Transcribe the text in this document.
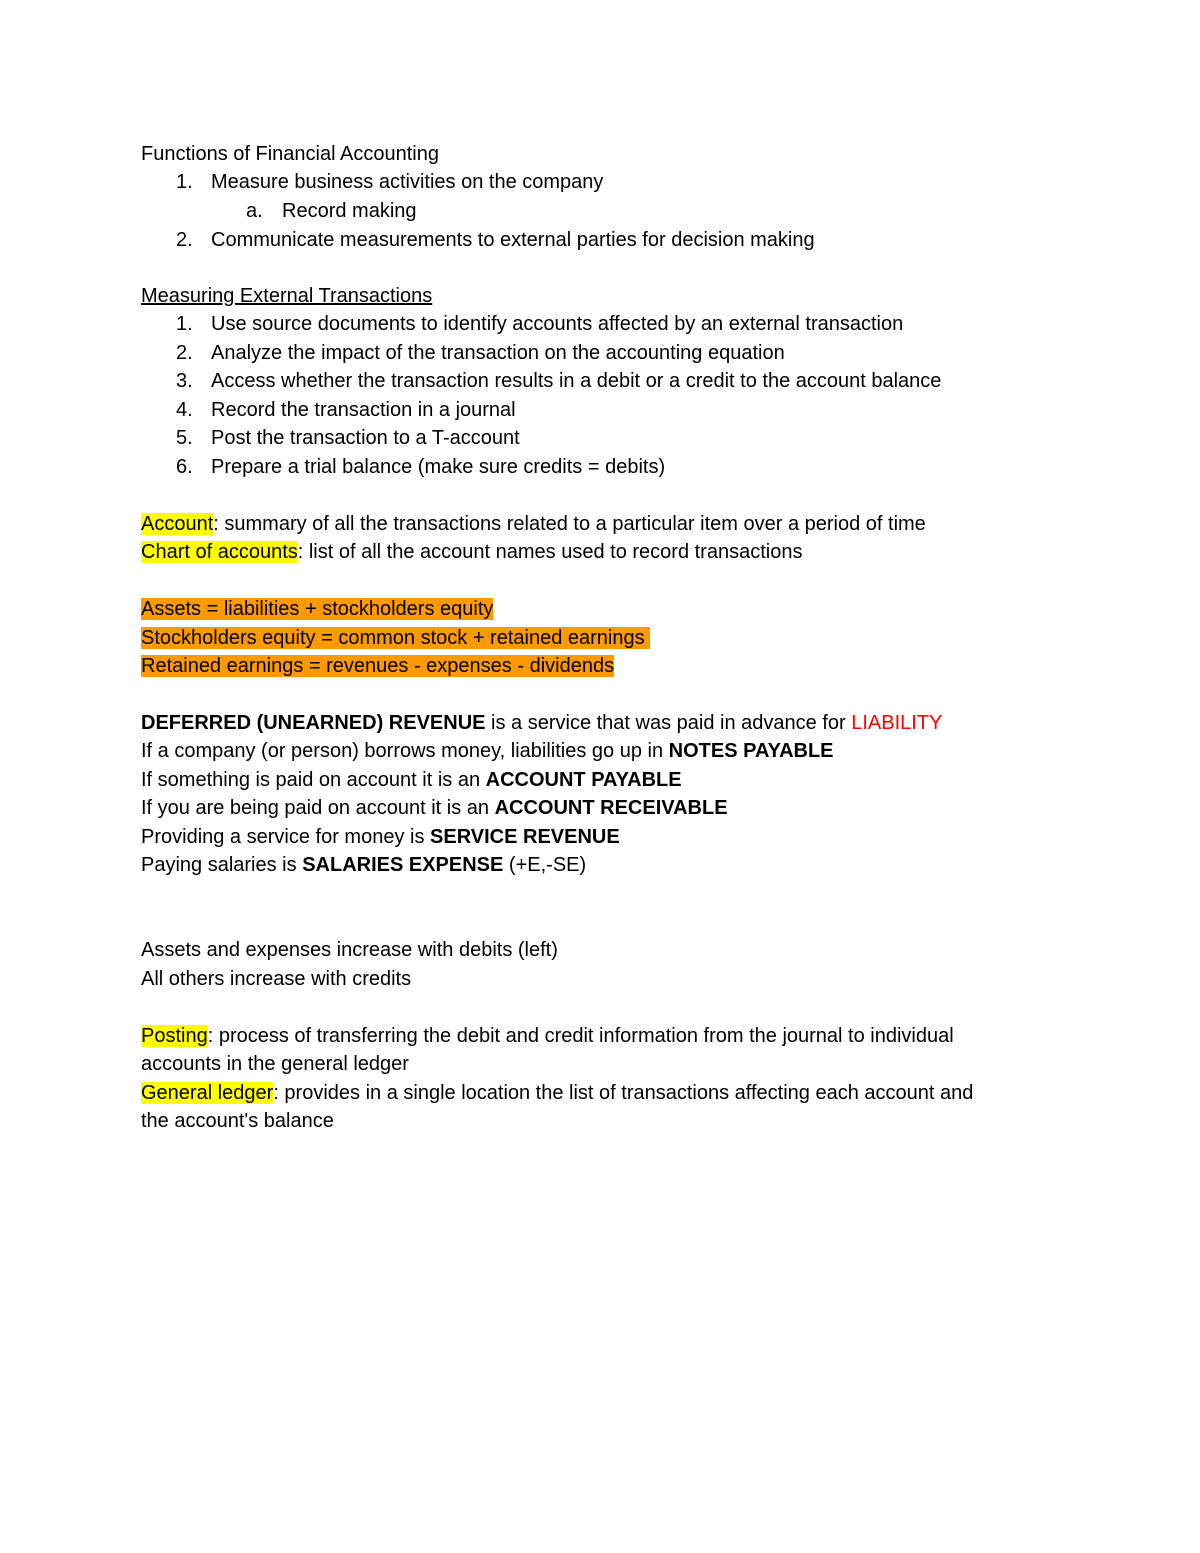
Functions of Financial Accounting
1. Measure business activities on the company
a. Record making
2. Communicate measurements to external parties for decision making
Measuring External Transactions
1. Use source documents to identify accounts affected by an external transaction
2. Analyze the impact of the transaction on the accounting equation
3. Access whether the transaction results in a debit or a credit to the account balance
4. Record the transaction in a journal
5. Post the transaction to a T-account
6. Prepare a trial balance (make sure credits = debits)
Account: summary of all the transactions related to a particular item over a period of time
Chart of accounts: list of all the account names used to record transactions
Assets = liabilities + stockholders equity
Stockholders equity = common stock + retained earnings
Retained earnings = revenues - expenses - dividends
DEFERRED (UNEARNED) REVENUE is a service that was paid in advance for LIABILITY
If a company (or person) borrows money, liabilities go up in NOTES PAYABLE
If something is paid on account it is an ACCOUNT PAYABLE
If you are being paid on account it is an ACCOUNT RECEIVABLE
Providing a service for money is SERVICE REVENUE
Paying salaries is SALARIES EXPENSE (+E,-SE)
Assets and expenses increase with debits (left)
All others increase with credits
Posting: process of transferring the debit and credit information from the journal to individual
accounts in the general ledger
General ledger: provides in a single location the list of transactions affecting each account and
the account's balance
